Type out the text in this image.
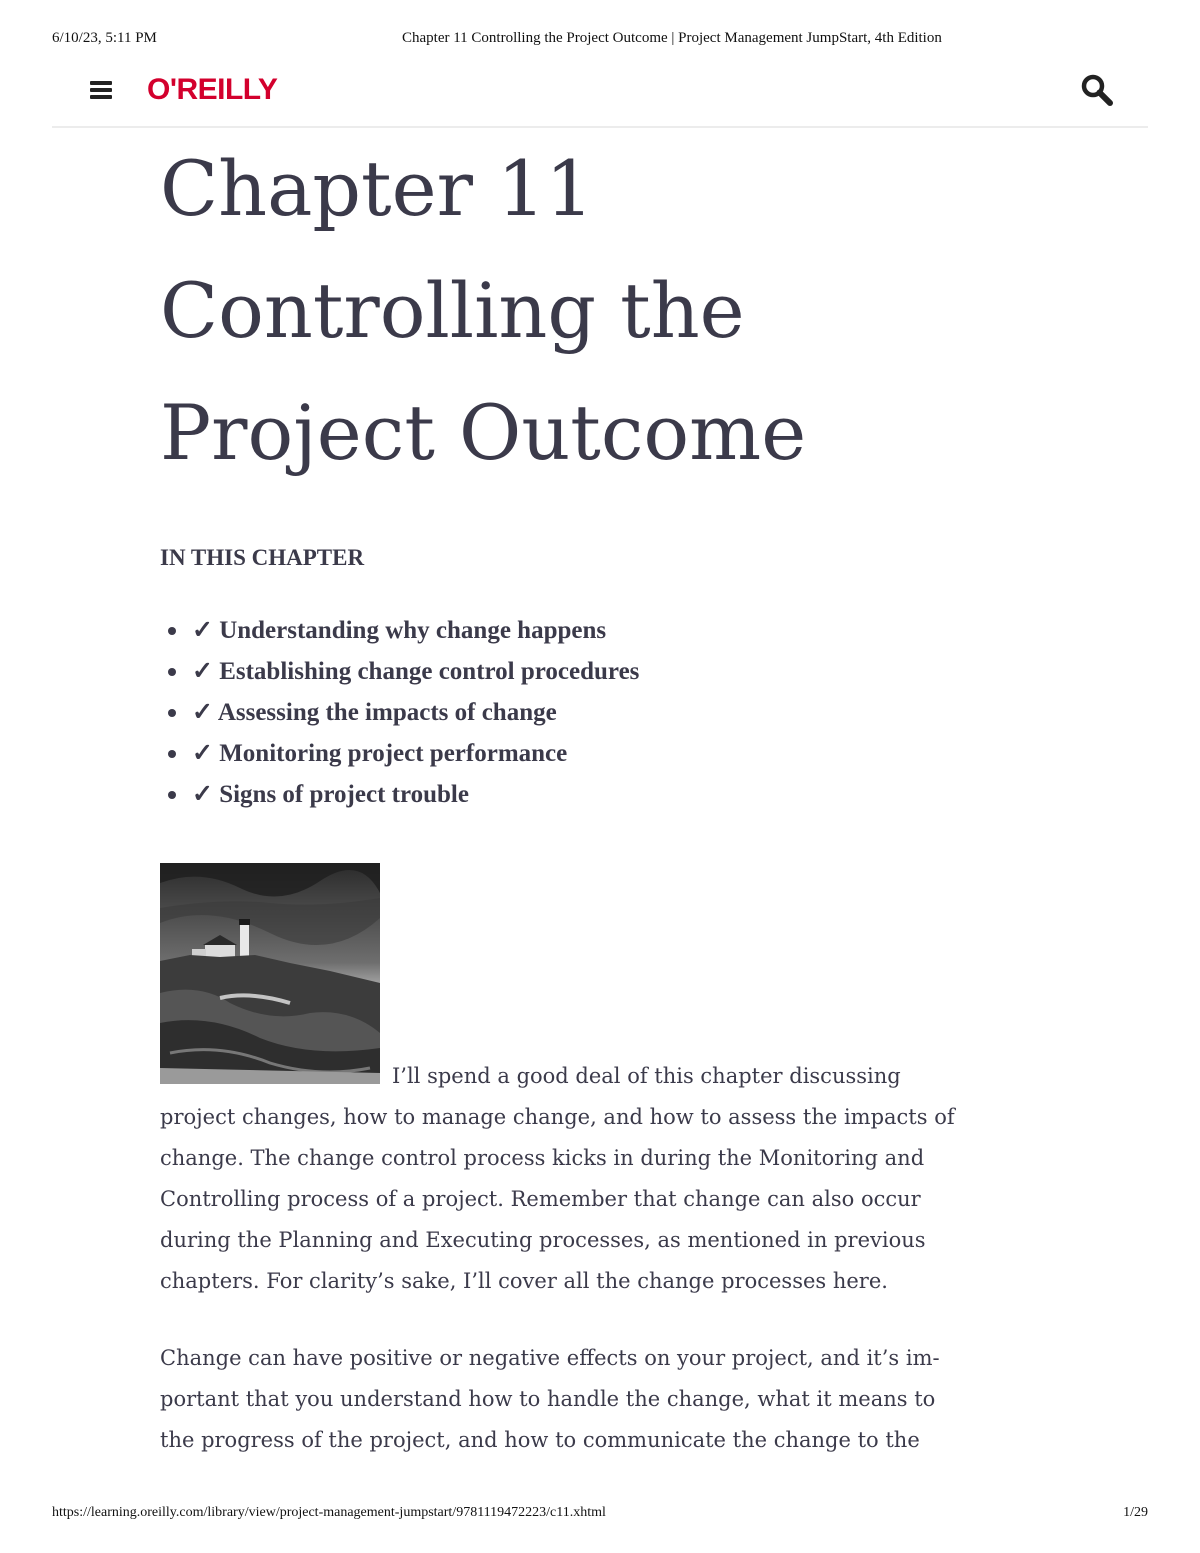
6/10/23, 5:11 PM	Chapter 11 Controlling the Project Outcome | Project Management JumpStart, 4th Edition
O'REILLY
Chapter 11
Controlling the
Project Outcome
IN THIS CHAPTER
✓ Understanding why change happens
✓ Establishing change control procedures
✓ Assessing the impacts of change
✓ Monitoring project performance
✓ Signs of project trouble
I’ll spend a good deal of this chapter discussing
project changes, how to manage change, and how to assess the impacts of
change. The change control process kicks in during the Monitoring and
Controlling process of a project. Remember that change can also occur
during the Planning and Executing processes, as mentioned in previous
chapters. For clarity’s sake, I’ll cover all the change processes here.
Change can have positive or negative effects on your project, and it’s im-
portant that you understand how to handle the change, what it means to
the progress of the project, and how to communicate the change to the
https://learning.oreilly.com/library/view/project-management-jumpstart/9781119472223/c11.xhtml	1/29
